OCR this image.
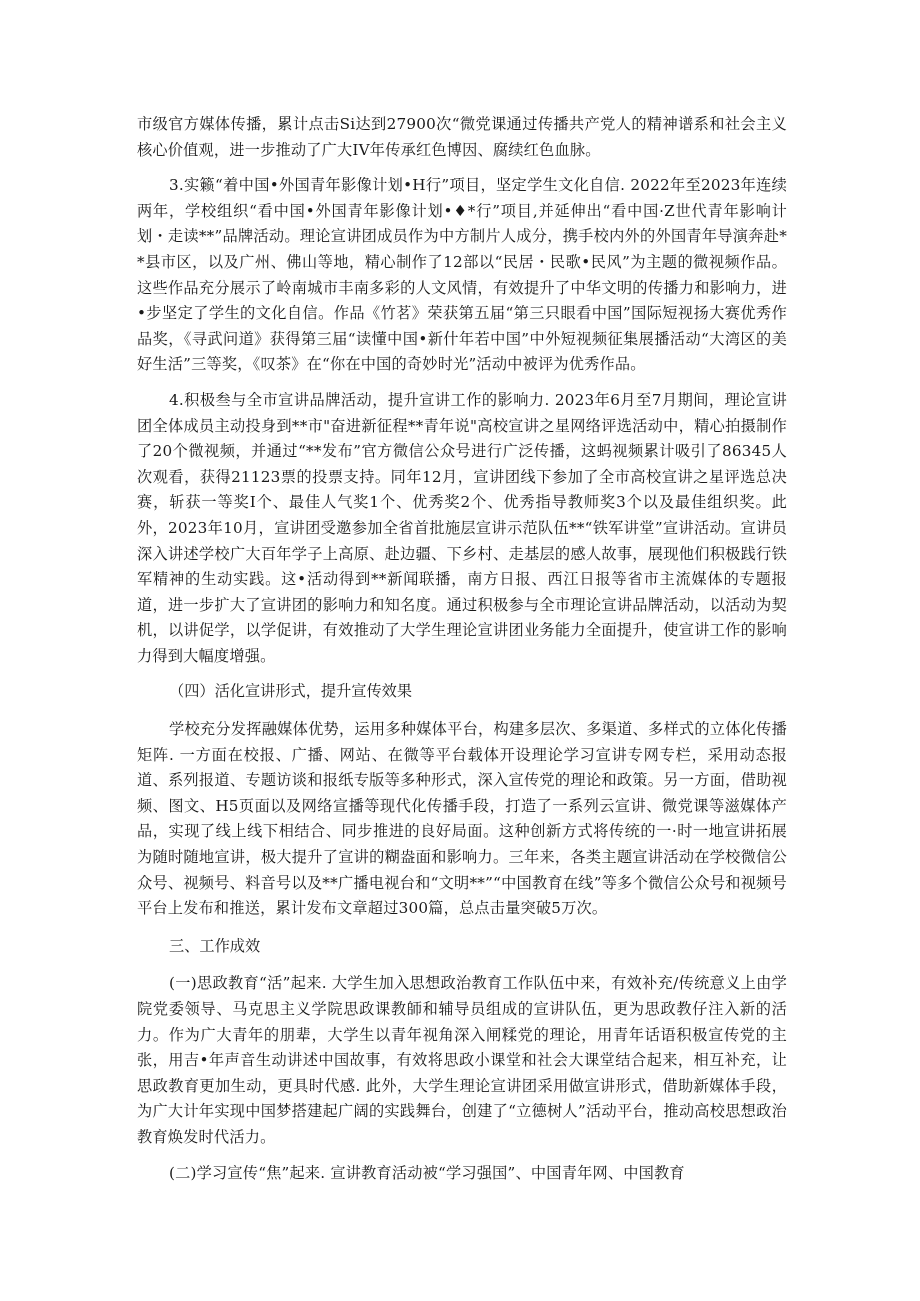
市级官方媒体传播，累计点击Si达到27900次“微党课通过传播共产党人的精神谱系和社会主义核心价值观，进一步推动了广大IV年传承红色博因、腐续红色血脉。

3.实籁“着中国•外国青年影像计划•H行”项目，坚定学生文化自信. 2022年至2023年连续两年，学校组织“看中国•外国青年影像计划•♦*行”项目,并延伸出“看中国·Z世代青年影响计划・走读**”品牌活动。理论宣讲团成员作为中方制片人成分，携手校内外的外国青年导演奔赴**县市区，以及广州、佛山等地，精心制作了12部以“民居・民歌•民风”为主题的微视频作品。这些作品充分展示了岭南城市丰南多彩的人文风情，有效提升了中华文明的传播力和影响力，进•步坚定了学生的文化自信。作品《竹茗》荣获第五届“第三只眼看中国”国际短视扬大赛优秀作品奖，《寻武问道》获得第三届“读懂中国•新什年若中国”中外短视频征集展播活动“大湾区的美好生活”三等奖，《叹茶》在“你在中国的奇妙时光”活动中被评为优秀作品。

4.积极叁与全市宣讲品牌活动，提升宣讲工作的影响力. 2023年6月至7月期间，理论宣讲团全体成员主动投身到**市"奋进新征程**青年说"高校宣讲之星网络评选活动中，精心拍摄制作了20个微视频，并通过“**发布”官方微信公众号进行广泛传播，这蚂视频累计吸引了86345人次观看，获得21123票的投票支持。同年12月，宣讲团线下参加了全市高校宣讲之星评选总决赛，斩获一等奖I个、最佳人气奖1个、优秀奖2个、优秀指导教师奖3个以及最佳组织奖。此外，2023年10月，宣讲团受邀参加全省首批施层宣讲示范队伍**“铁军讲堂”宣讲活动。宣讲员深入讲述学校广大百年学子上高原、赴边疆、下乡村、走基层的感人故事，展现他们积极践行铁军精神的生动实践。这•活动得到**新闻联播，南方日报、西江日报等省市主流媒体的专题报道，进一步扩大了宣讲团的影响力和知名度。通过积极参与全市理论宣讲品牌活动，以活动为契机，以讲促学，以学促讲，有效推动了大学生理论宣讲团业务能力全面提升，使宣讲工作的影响力得到大幅度增强。

（四）活化宣讲形式，提升宣传效果

学校充分发挥融媒体优势，运用多种媒体平台，构建多层次、多渠道、多样式的立体化传播矩阵. 一方面在校报、广播、网站、在微等平台载体开设理论学习宣讲专网专栏，采用动态报道、系列报道、专题访谈和报纸专版等多种形式，深入宣传党的理论和政策。另一方面，借助视频、图文、H5页面以及网络宣播等现代化传播手段，打造了一系列云宣讲、微党课等滋媒体产品，实现了线上线下相结合、同步推进的良好局面。这种创新方式将传统的一·时一地宣讲拓展为随时随地宣讲，极大提升了宣讲的糊盎面和影响力。三年来，各类主题宣讲活动在学校微信公众号、视频号、料音号以及**广播电视台和“文明**”“中国教育在线”等多个微信公众号和视频号平台上发布和推送，累计发布文章超过300篇，总点击量突破5万次。

三、工作成效

(一)思政教育“活”起来. 大学生加入思想政治教育工作队伍中来，有效补充/传统意义上由学院党委领导、马克思主义学院思政课教師和辅导员组成的宣讲队伍，更为思政教仔注入新的活力。作为广大青年的朋辈，大学生以青年视角深入闸糅党的理论，用青年话语积极宣传党的主张，用吉•年声音生动讲述中国故事，有效将思政小课堂和社会大课堂结合起来，相互补充，让思政教育更加生动，更具时代感. 此外，大学生理论宣讲团采用做宣讲形式，借助新媒体手段，为广大计年实现中国梦搭建起广阔的实践舞台，创建了“立德树人”活动平台，推动高校思想政治教育焕发时代活力。

(二)学习宣传“焦”起来. 宣讲教育活动被“学习强国”、中国青年网、中国教育
